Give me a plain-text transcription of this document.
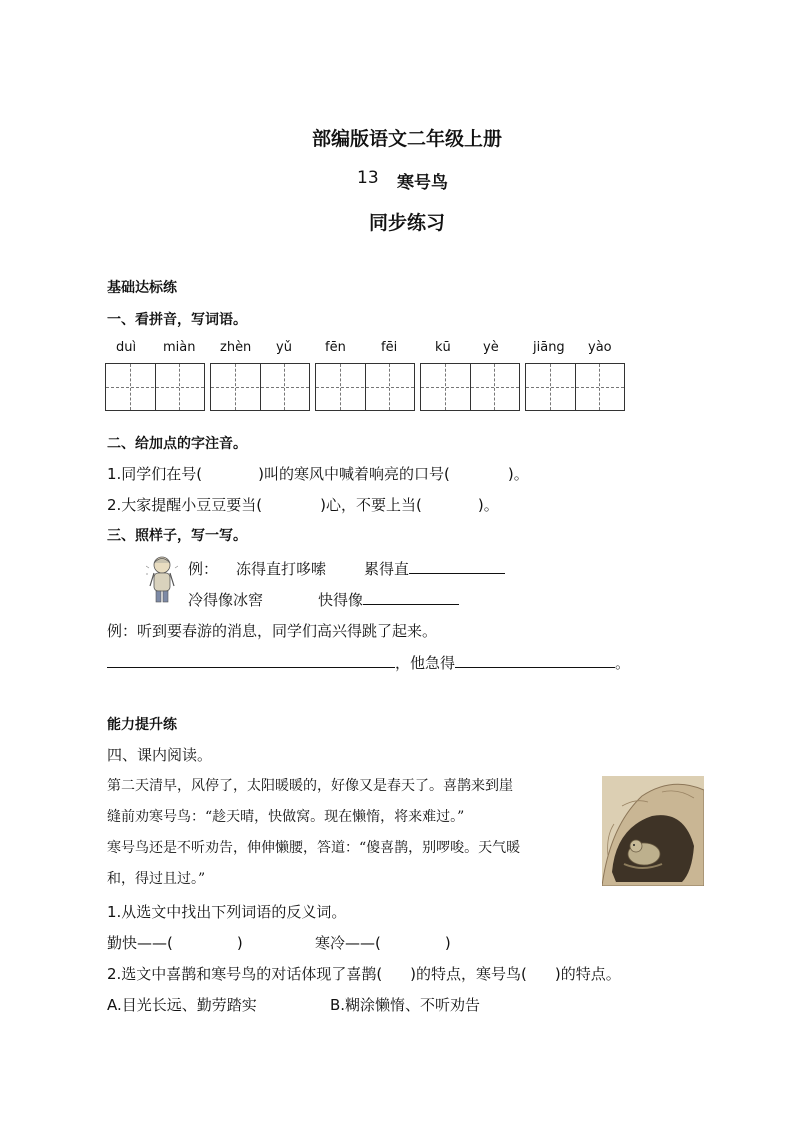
部编版语文二年级上册
13 寒号鸟
同步练习
基础达标练
一、看拼音，写词语。
duì miàn zhèn yǔ	fēn	fēi	kū yè	jiāng yào
二、给加点的字注音。
1.同学们在号(	)叫的寒风中喊着响亮的口号(	)。
2.大家提醒小豆豆要当(	)心，不要上当(	)。
三、照样子，写一写。
例： 冻得直打哆嗦	累得直
冷得像冰窖	快得像
例：听到要春游的消息，同学们高兴得跳了起来。
，他急得	。
能力提升练
四、课内阅读。
第二天清早，风停了，太阳暖暖的，好像又是春天了。喜鹊来到崖
缝前劝寒号鸟：“趁天晴，快做窝。现在懒惰，将来难过。”
寒号鸟还是不听劝告，伸伸懒腰，答道：“傻喜鹊，别啰唆。天气暖
和，得过且过。”
1.从选文中找出下列词语的反义词。
勤快——(	)	寒冷——(	)
2.选文中喜鹊和寒号鸟的对话体现了喜鹊( )的特点，寒号鸟( )的特点。
A.目光长远、勤劳踏实	B.糊涂懒惰、不听劝告
